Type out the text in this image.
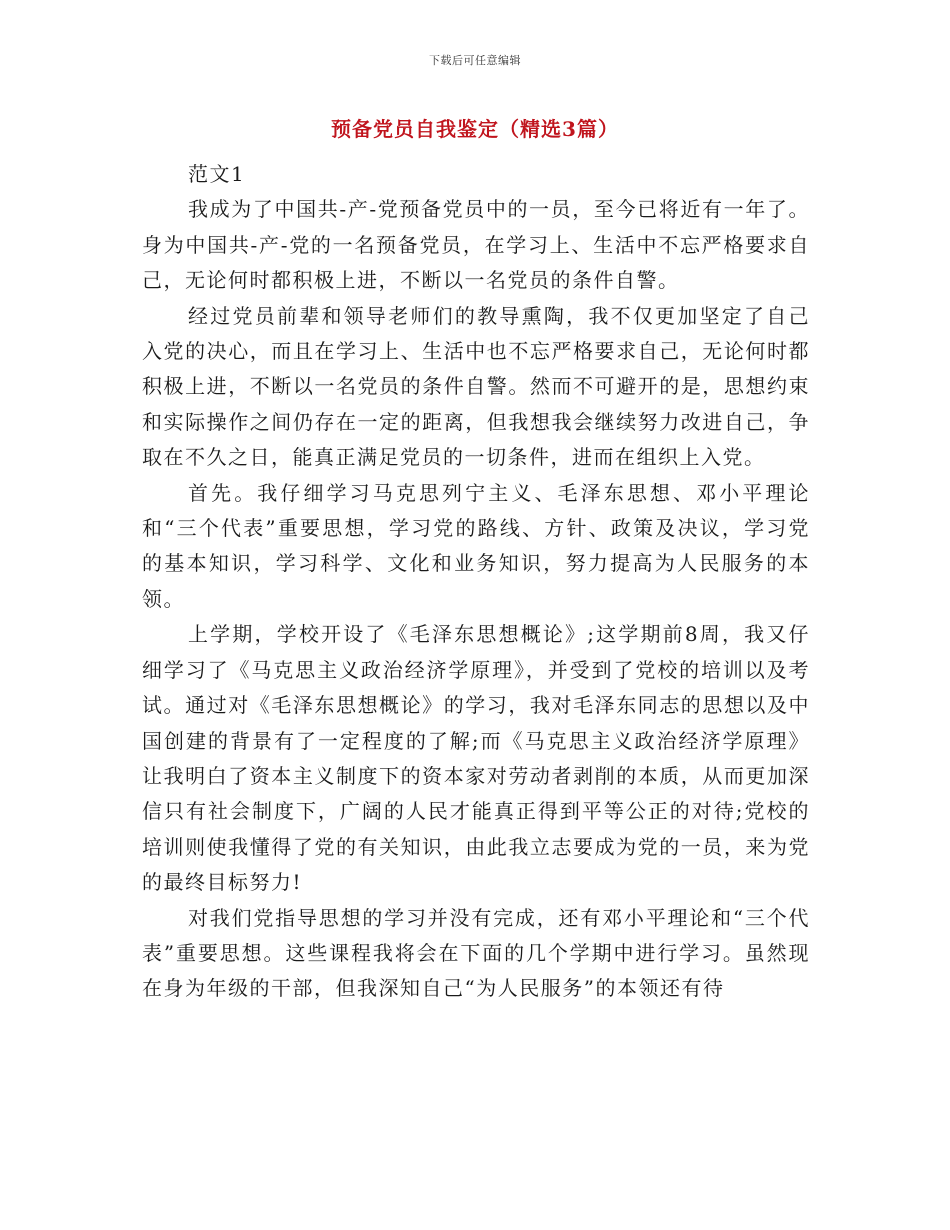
下载后可任意编辑
预备党员自我鉴定（精选3篇）

范文1

我成为了中国共-产-党预备党员中的一员，至今已将近有一年了。身为中国共-产-党的一名预备党员，在学习上、生活中不忘严格要求自己，无论何时都积极上进，不断以一名党员的条件自警。

经过党员前辈和领导老师们的教导熏陶，我不仅更加坚定了自己入党的决心，而且在学习上、生活中也不忘严格要求自己，无论何时都积极上进，不断以一名党员的条件自警。然而不可避开的是，思想约束和实际操作之间仍存在一定的距离，但我想我会继续努力改进自己，争取在不久之日，能真正满足党员的一切条件，进而在组织上入党。

首先。我仔细学习马克思列宁主义、毛泽东思想、邓小平理论和“三个代表”重要思想，学习党的路线、方针、政策及决议，学习党的基本知识，学习科学、文化和业务知识，努力提高为人民服务的本领。

上学期，学校开设了《毛泽东思想概论》;这学期前8周，我又仔细学习了《马克思主义政治经济学原理》，并受到了党校的培训以及考试。通过对《毛泽东思想概论》的学习，我对毛泽东同志的思想以及中国创建的背景有了一定程度的了解;而《马克思主义政治经济学原理》让我明白了资本主义制度下的资本家对劳动者剥削的本质，从而更加深信只有社会制度下，广阔的人民才能真正得到平等公正的对待;党校的培训则使我懂得了党的有关知识，由此我立志要成为党的一员，来为党的最终目标努力!

对我们党指导思想的学习并没有完成，还有邓小平理论和“三个代表”重要思想。这些课程我将会在下面的几个学期中进行学习。虽然现在身为年级的干部，但我深知自己“为人民服务”的本领还有待
